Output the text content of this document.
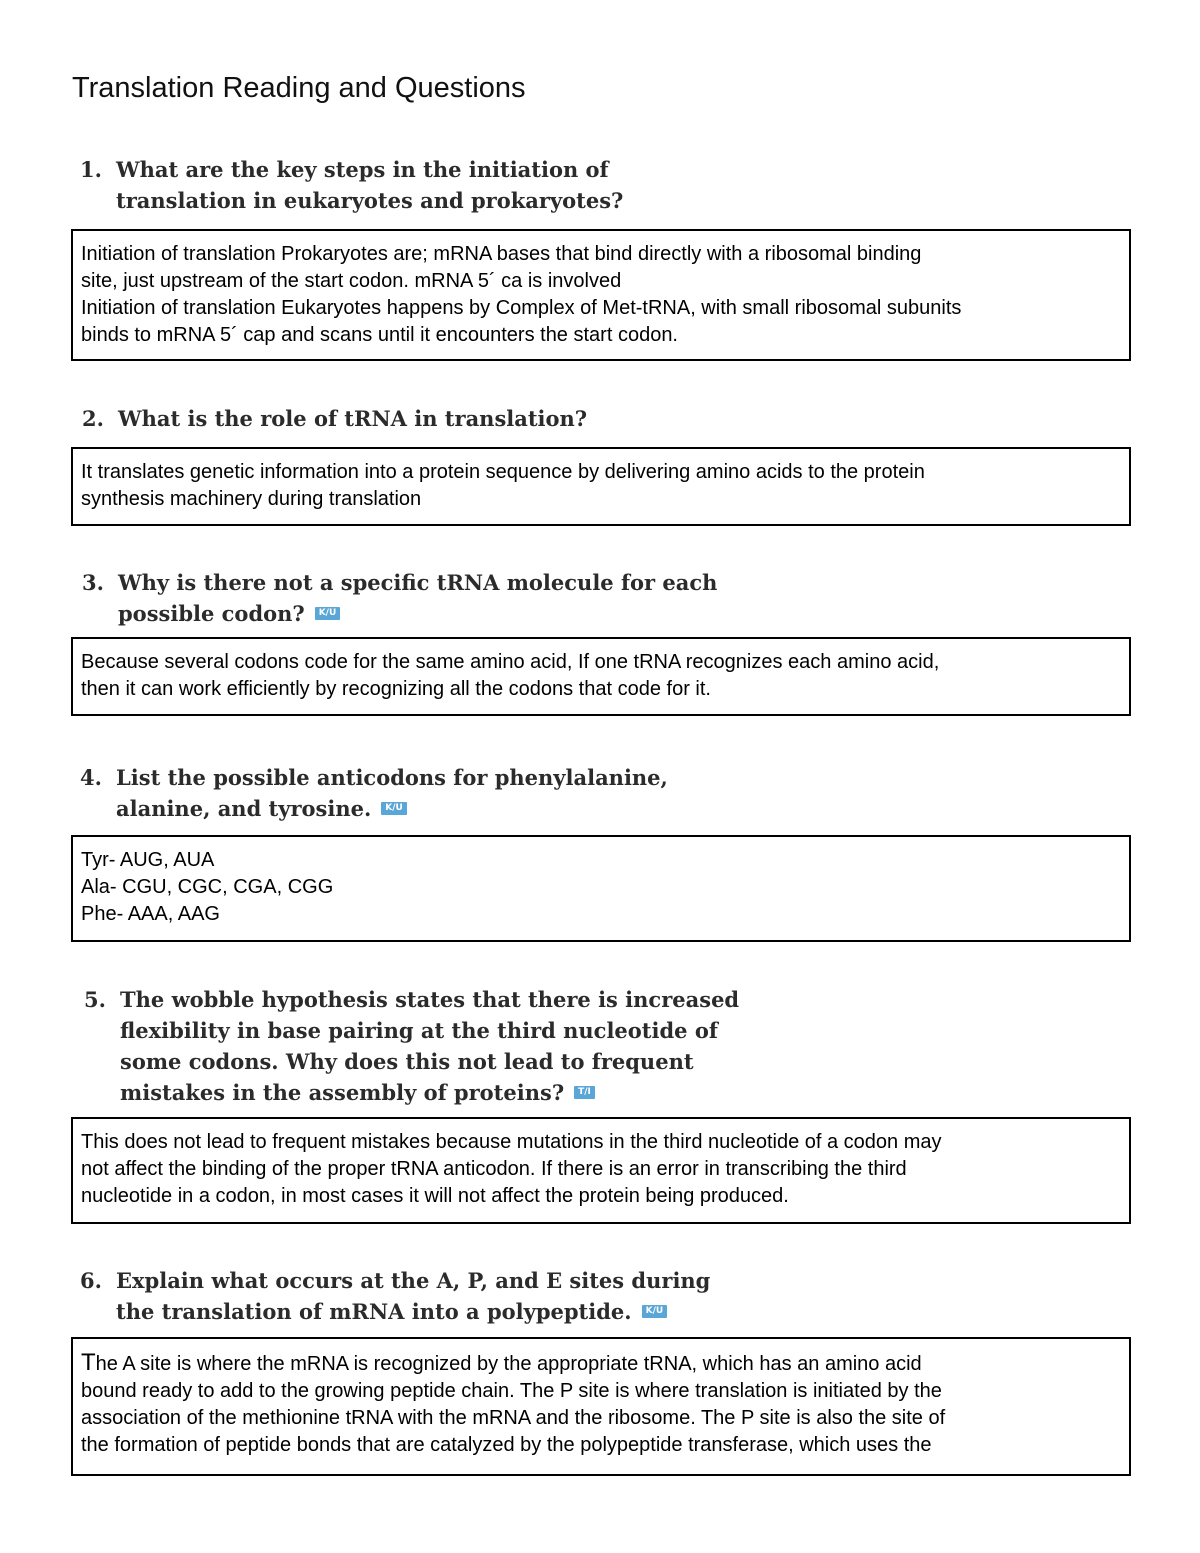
Translation Reading and Questions
1. What are the key steps in the initiation of
translation in eukaryotes and prokaryotes?
Initiation of translation Prokaryotes are; mRNA bases that bind directly with a ribosomal binding
site, just upstream of the start codon. mRNA 5´ ca is involved
Initiation of translation Eukaryotes happens by Complex of Met-tRNA, with small ribosomal subunits
binds to mRNA 5´ cap and scans until it encounters the start codon.
2. What is the role of tRNA in translation?
It translates genetic information into a protein sequence by delivering amino acids to the protein
synthesis machinery during translation
3. Why is there not a specific tRNA molecule for each
possible codon? K/U
Because several codons code for the same amino acid, If one tRNA recognizes each amino acid,
then it can work efficiently by recognizing all the codons that code for it.
4. List the possible anticodons for phenylalanine,
alanine, and tyrosine. K/U
Tyr- AUG, AUA
Ala- CGU, CGC, CGA, CGG
Phe- AAA, AAG
5. The wobble hypothesis states that there is increased
flexibility in base pairing at the third nucleotide of
some codons. Why does this not lead to frequent
mistakes in the assembly of proteins? T/I
This does not lead to frequent mistakes because mutations in the third nucleotide of a codon may
not affect the binding of the proper tRNA anticodon. If there is an error in transcribing the third
nucleotide in a codon, in most cases it will not affect the protein being produced.
6. Explain what occurs at the A, P, and E sites during
the translation of mRNA into a polypeptide. K/U
The A site is where the mRNA is recognized by the appropriate tRNA, which has an amino acid
bound ready to add to the growing peptide chain. The P site is where translation is initiated by the
association of the methionine tRNA with the mRNA and the ribosome. The P site is also the site of
the formation of peptide bonds that are catalyzed by the polypeptide transferase, which uses the
